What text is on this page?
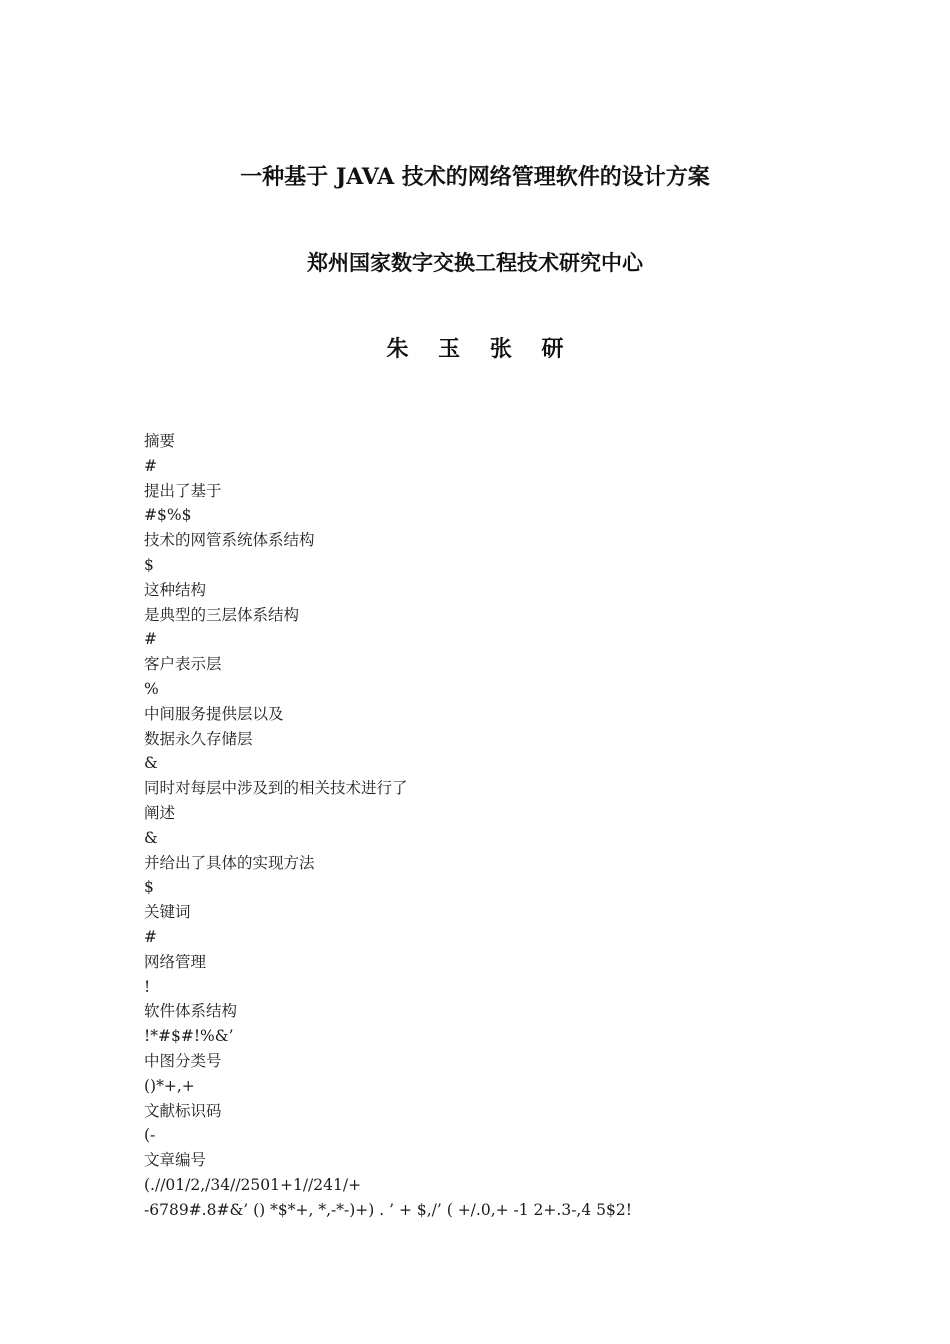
一种基于 JAVA 技术的网络管理软件的设计方案
郑州国家数字交换工程技术研究中心
朱 玉 张 研
摘要
#
提出了基于
#$%$
技术的网管系统体系结构
$
这种结构
是典型的三层体系结构
#
客户表示层
%
中间服务提供层以及
数据永久存储层
&
同时对每层中涉及到的相关技术进行了
阐述
&
并给出了具体的实现方法
$
关键词
#
网络管理
!
软件体系结构
!*#$#!%&’
中图分类号
()*+,+
文献标识码
(-
文章编号
(.//01/2,/34//2501+1//241/+
-6789#.8#&’ () *$*+, *,-*-)+) . ’ + $,/’ ( +/.0,+ -1 2+.3-,4 5$2!
